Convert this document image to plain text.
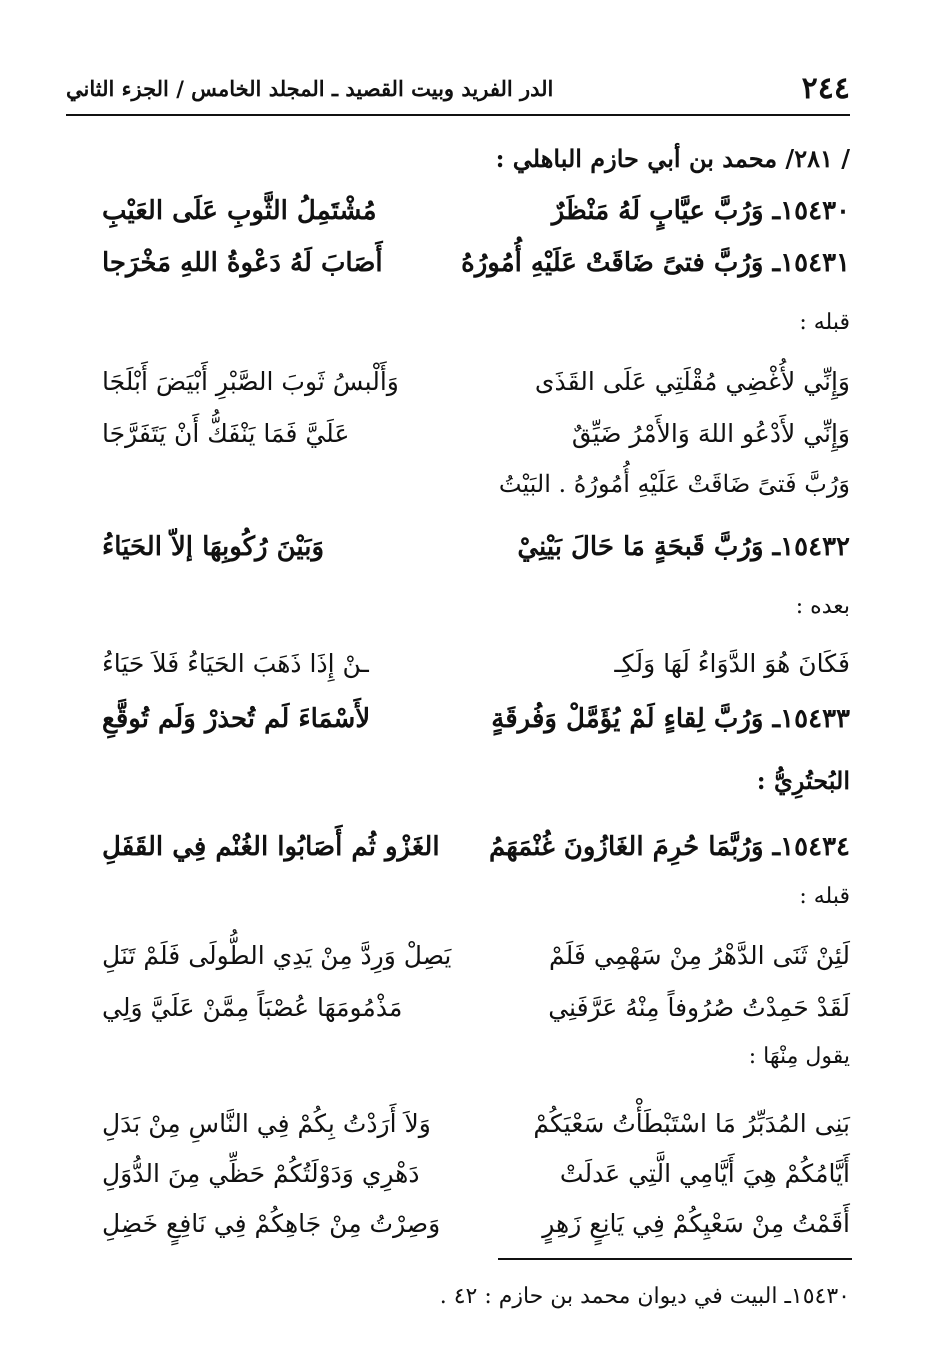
٢٤٤
الدر الفريد وبيت القصيد ـ المجلد الخامس / الجزء الثاني
/ ٢٨١/ محمد بن أبي حازم الباهلي :
١٥٤٣٠ـ وَرُبَّ عيَّابٍ لَهُ مَنْظَرٌ
مُشْتَمِلُ الثَّوبِ عَلَى العَيْبِ
١٥٤٣١ـ وَرُبَّ فتىً ضَاقَتْ عَلَيْهِ أُمُورُهُ
أَصَابَ لَهُ دَعْوةُ اللهِ مَخْرَجا
قبله :
وَإِنِّي لأُغْضِي مُقْلَتِي عَلَى القَذَى
وَأَلْبسُ ثَوبَ الصَّبْرِ أَبْيَضَ أَبْلَجَا
وَإِنِّي لأَدْعُو اللهَ وَالأَمْرُ ضَيِّقٌ
عَلَيَّ فَمَا يَنْفَكُّ أَنْ يَتَفَرَّجَا
وَرُبَّ فَتىً ضَاقَتْ عَلَيْهِ أُمُورُهُ . البَيْتُ
١٥٤٣٢ـ وَرُبَّ قَبحَةٍ مَا حَالَ بَيْنِيْ
وَبَيْنَ رُكُوبِهَا إلاّ الحَيَاءُ
بعده :
فَكَانَ هُوَ الدَّوَاءُ لَهَا وَلَكِـ
ـنْ إِذَا ذَهَبَ الحَيَاءُ فَلاَ حَيَاءُ
١٥٤٣٣ـ وَرُبَّ لِقاءٍ لَمْ يُؤَمَّلْ وَفُرقَةٍ
لأَسْمَاءَ لَم تُحذرْ وَلَم تُوقَّعِ
البُحتُرِيُّ :
١٥٤٣٤ـ وَرُبَّمَا حُرِمَ الغَازُونَ غُنْمَهَمُ
الغَزْو ثُم أَصَابُوا الغُنْم فِي القَفَلِ
قبله :
لَئِنْ ثَنَى الدَّهْرُ مِنْ سَهْمِي فَلَمْ
يَصِلْ وَرِدَّ مِنْ يَدِي الطُّولَى فَلَمْ تَنَلِ
لَقَدْ حَمِدْتُ صُرُوفاً مِنْهُ عَرَّفَنِي
مَذْمُومَهَا عُصْبَاً مِمَّنْ عَلَيَّ وَلِي
يقول مِنْهَا :
بَنِى المُدَبِّرُ مَا اسْتَبْطَأْتُ سَعْيَكُمْ
وَلاَ أَرَدْتُ بِكُمْ فِي النَّاسِ مِنْ بَدَلِ
أَيَّامُكُمْ هِيَ أَيَّامِي الَّتِي عَدلَتْ
دَهْرِي وَدَوْلَتُكُمْ حَظِّي مِنَ الدُّوَلِ
أَقَمْتُ مِنْ سَعْيِكُمْ فِي يَانِعٍ زَهِرٍ
وَصِرْتُ مِنْ جَاهِكُمْ فِي نَافِعٍ خَضِلِ
١٥٤٣٠ـ البيت في ديوان محمد بن حازم : ٤٢ .
